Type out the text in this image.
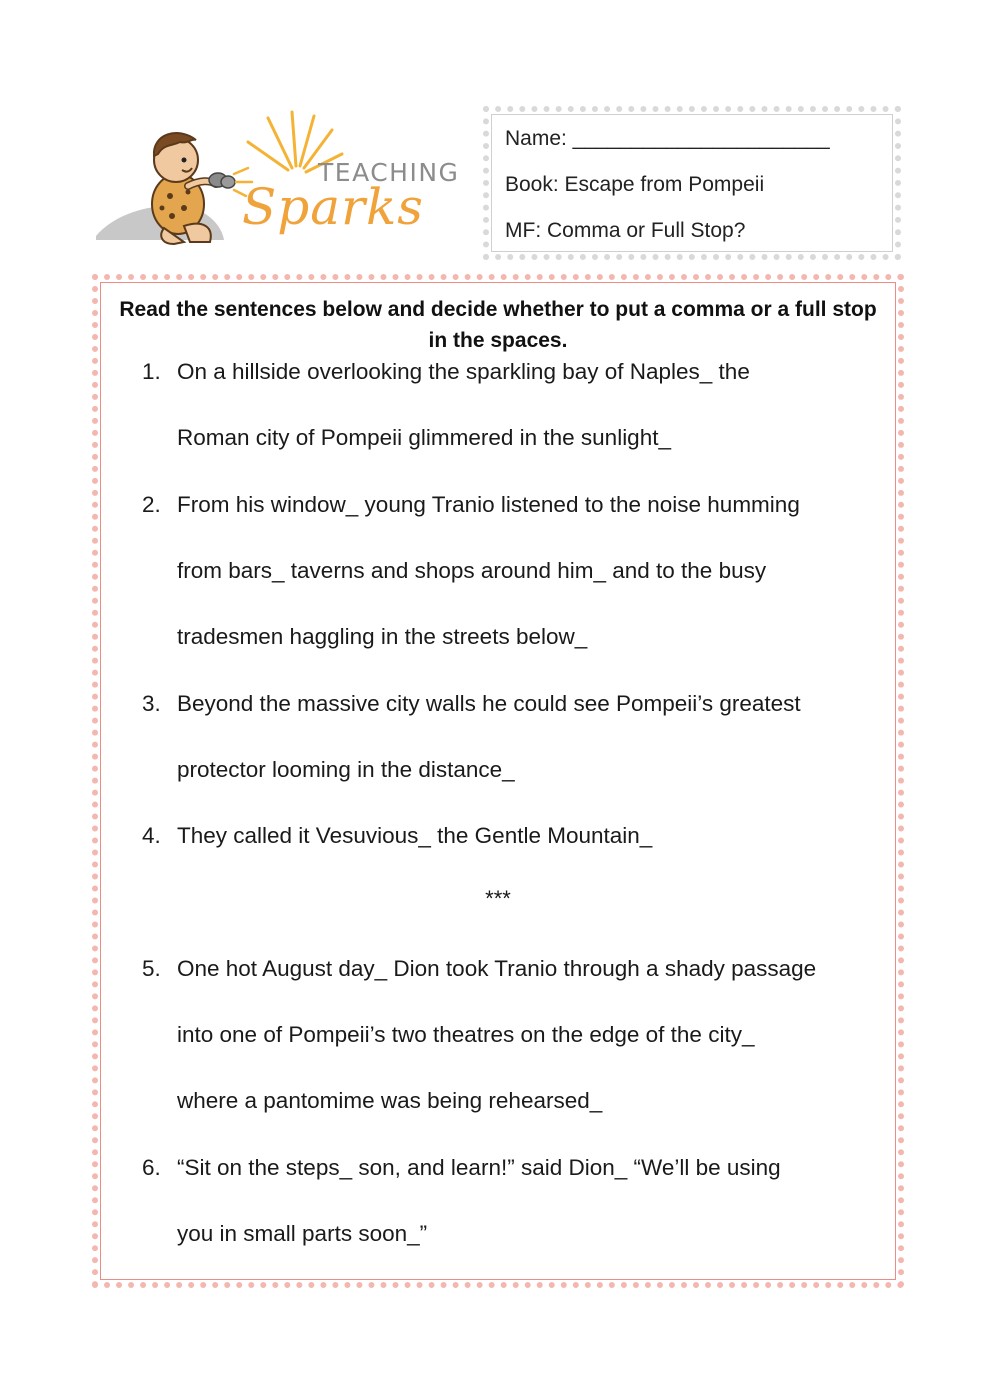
TEACHING
Sparks
Name: ______________________
Book: Escape from Pompeii
MF: Comma or Full Stop?
Read the sentences below and decide whether to put a comma or a full stop in the spaces.
1. On a hillside overlooking the sparkling bay of Naples_ the
Roman city of Pompeii glimmered in the sunlight_
2. From his window_ young Tranio listened to the noise humming
from bars_ taverns and shops around him_ and to the busy
tradesmen haggling in the streets below_
3. Beyond the massive city walls he could see Pompeii’s greatest
protector looming in the distance_
4. They called it Vesuvious_ the Gentle Mountain_
***
5. One hot August day_ Dion took Tranio through a shady passage
into one of Pompeii’s two theatres on the edge of the city_
where a pantomime was being rehearsed_
6. “Sit on the steps_ son, and learn!” said Dion_ “We’ll be using
you in small parts soon_”
